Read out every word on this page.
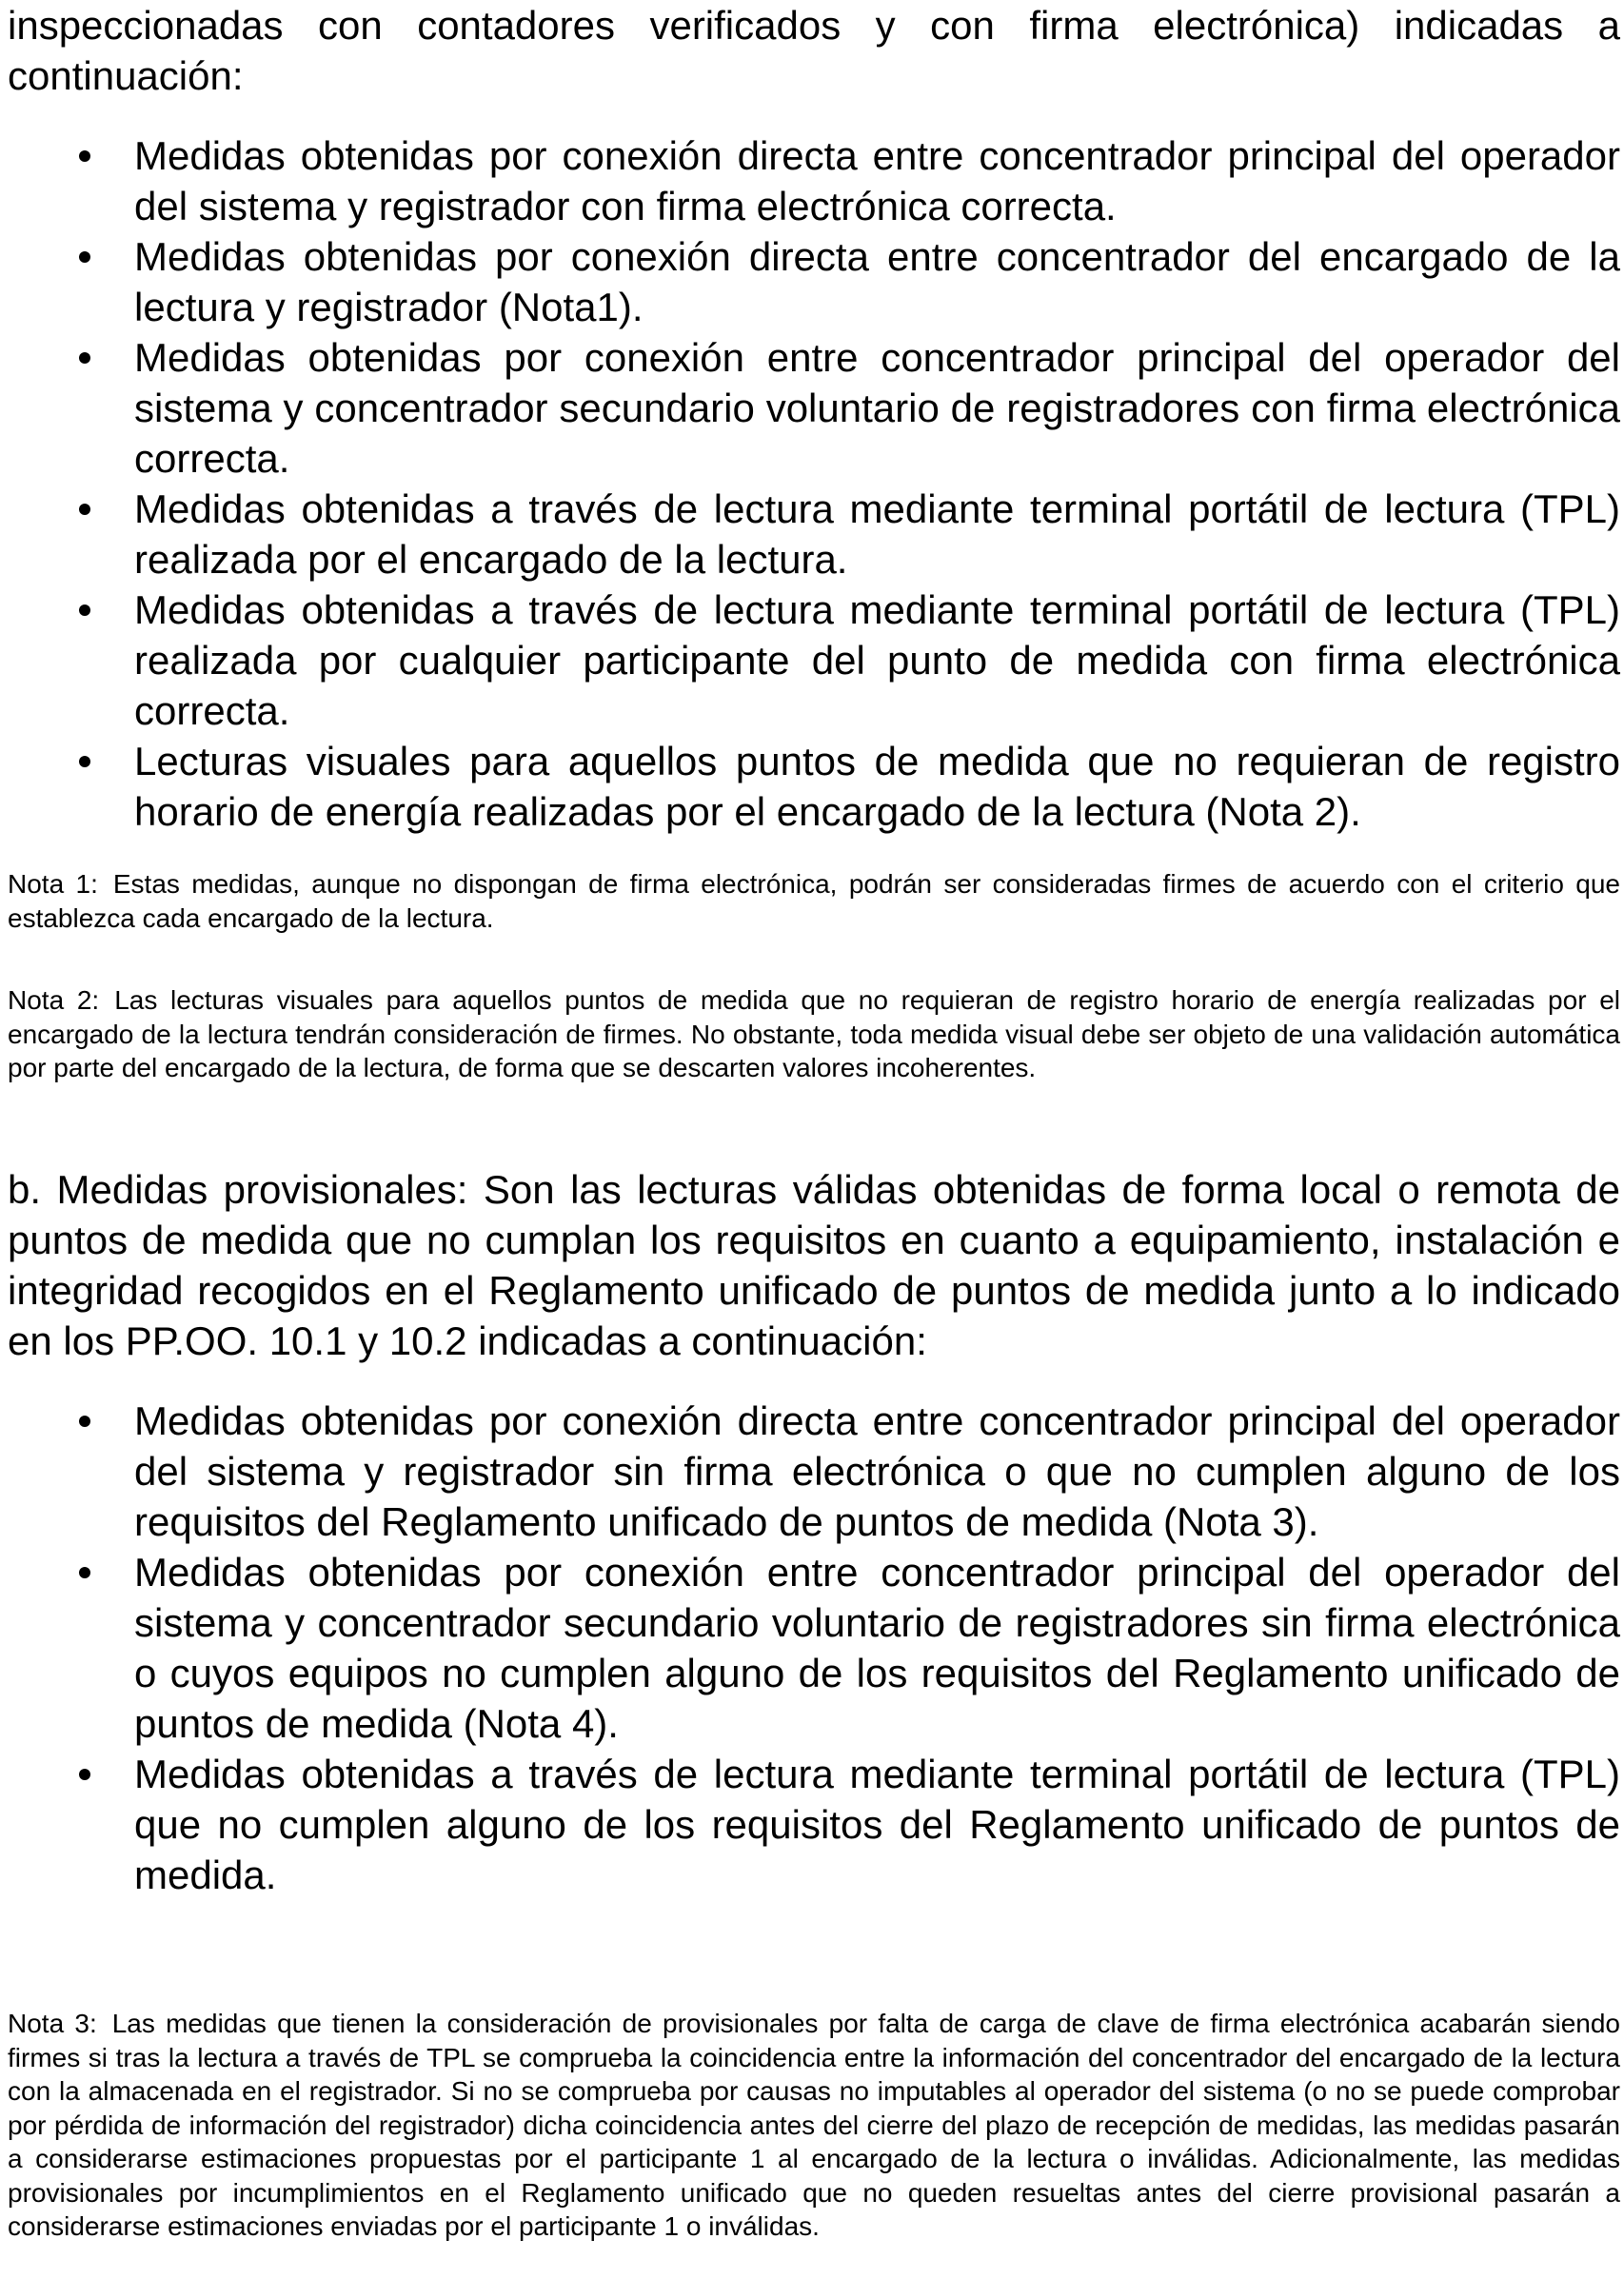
inspeccionadas con contadores verificados y con firma electrónica) indicadas a continuación:

Medidas obtenidas por conexión directa entre concentrador principal del operador del sistema y registrador con firma electrónica correcta.
Medidas obtenidas por conexión directa entre concentrador del encargado de la lectura y registrador (Nota1).
Medidas obtenidas por conexión entre concentrador principal del operador del sistema y concentrador secundario voluntario de registradores con firma electrónica correcta.
Medidas obtenidas a través de lectura mediante terminal portátil de lectura (TPL) realizada por el encargado de la lectura.
Medidas obtenidas a través de lectura mediante terminal portátil de lectura (TPL) realizada por cualquier participante del punto de medida con firma electrónica correcta.
Lecturas visuales para aquellos puntos de medida que no requieran de registro horario de energía realizadas por el encargado de la lectura (Nota 2).

Nota 1: Estas medidas, aunque no dispongan de firma electrónica, podrán ser consideradas firmes de acuerdo con el criterio que establezca cada encargado de la lectura.

Nota 2: Las lecturas visuales para aquellos puntos de medida que no requieran de registro horario de energía realizadas por el encargado de la lectura tendrán consideración de firmes. No obstante, toda medida visual debe ser objeto de una validación automática por parte del encargado de la lectura, de forma que se descarten valores incoherentes.

b. Medidas provisionales: Son las lecturas válidas obtenidas de forma local o remota de puntos de medida que no cumplan los requisitos en cuanto a equipamiento, instalación e integridad recogidos en el Reglamento unificado de puntos de medida junto a lo indicado en los PP.OO. 10.1 y 10.2 indicadas a continuación:

Medidas obtenidas por conexión directa entre concentrador principal del operador del sistema y registrador sin firma electrónica o que no cumplen alguno de los requisitos del Reglamento unificado de puntos de medida (Nota 3).
Medidas obtenidas por conexión entre concentrador principal del operador del sistema y concentrador secundario voluntario de registradores sin firma electrónica o cuyos equipos no cumplen alguno de los requisitos del Reglamento unificado de puntos de medida (Nota 4).
Medidas obtenidas a través de lectura mediante terminal portátil de lectura (TPL) que no cumplen alguno de los requisitos del Reglamento unificado de puntos de medida.

Nota 3: Las medidas que tienen la consideración de provisionales por falta de carga de clave de firma electrónica acabarán siendo firmes si tras la lectura a través de TPL se comprueba la coincidencia entre la información del concentrador del encargado de la lectura con la almacenada en el registrador. Si no se comprueba por causas no imputables al operador del sistema (o no se puede comprobar por pérdida de información del registrador) dicha coincidencia antes del cierre del plazo de recepción de medidas, las medidas pasarán a considerarse estimaciones propuestas por el participante 1 al encargado de la lectura o inválidas. Adicionalmente, las medidas provisionales por incumplimientos en el Reglamento unificado que no queden resueltas antes del cierre provisional pasarán a considerarse estimaciones enviadas por el participante 1 o inválidas.
